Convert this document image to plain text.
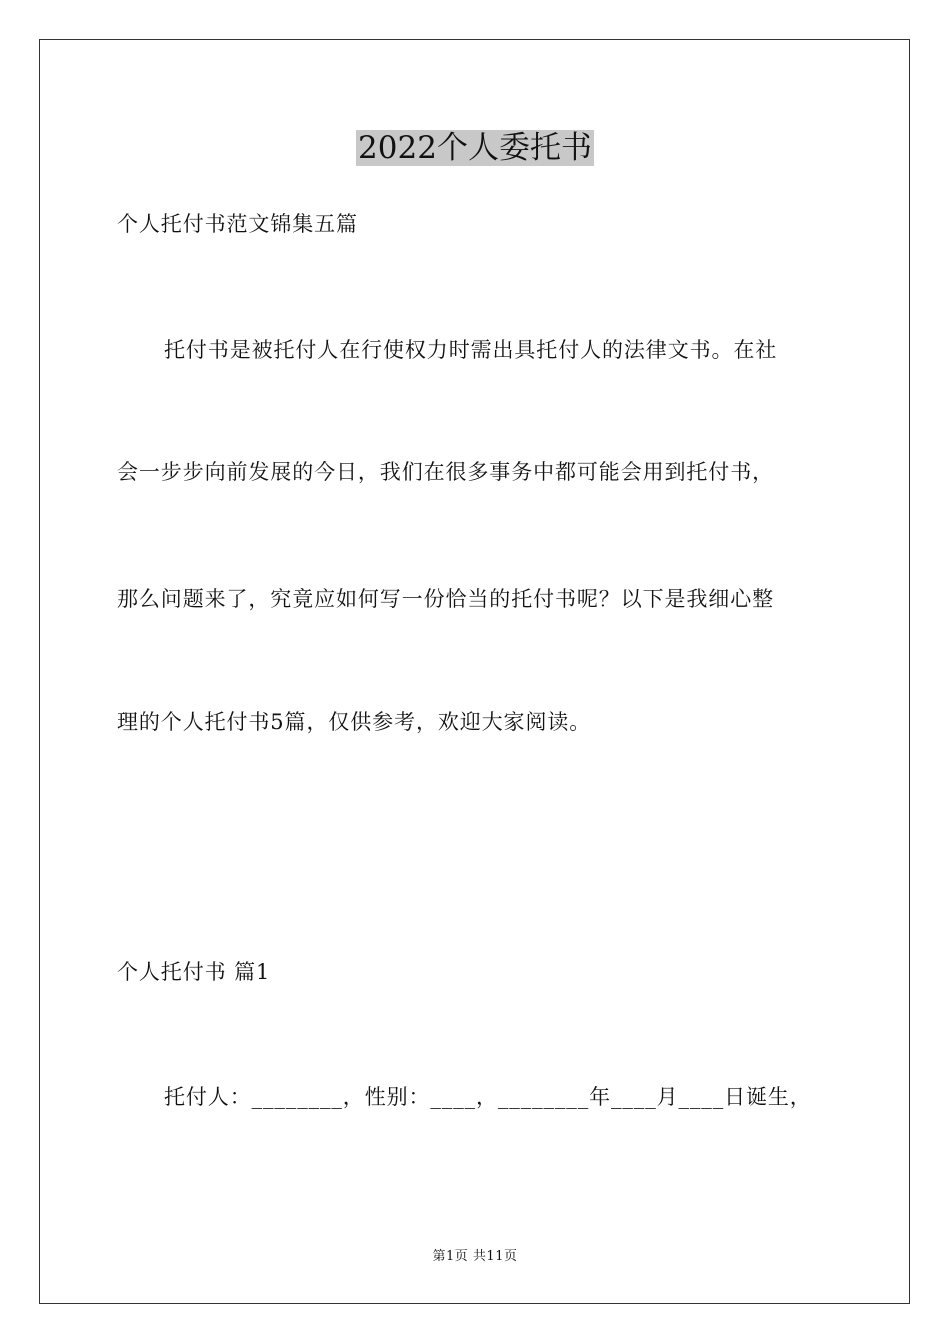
2022个人委托书
个人托付书范文锦集五篇
托付书是被托付人在行使权力时需出具托付人的法律文书。在社
会一步步向前发展的今日，我们在很多事务中都可能会用到托付书，
那么问题来了，究竟应如何写一份恰当的托付书呢？以下是我细心整
理的个人托付书5篇，仅供参考，欢迎大家阅读。
个人托付书 篇1
托付人：________，性别：____，________年____月____日诞生，
第1页 共11页
